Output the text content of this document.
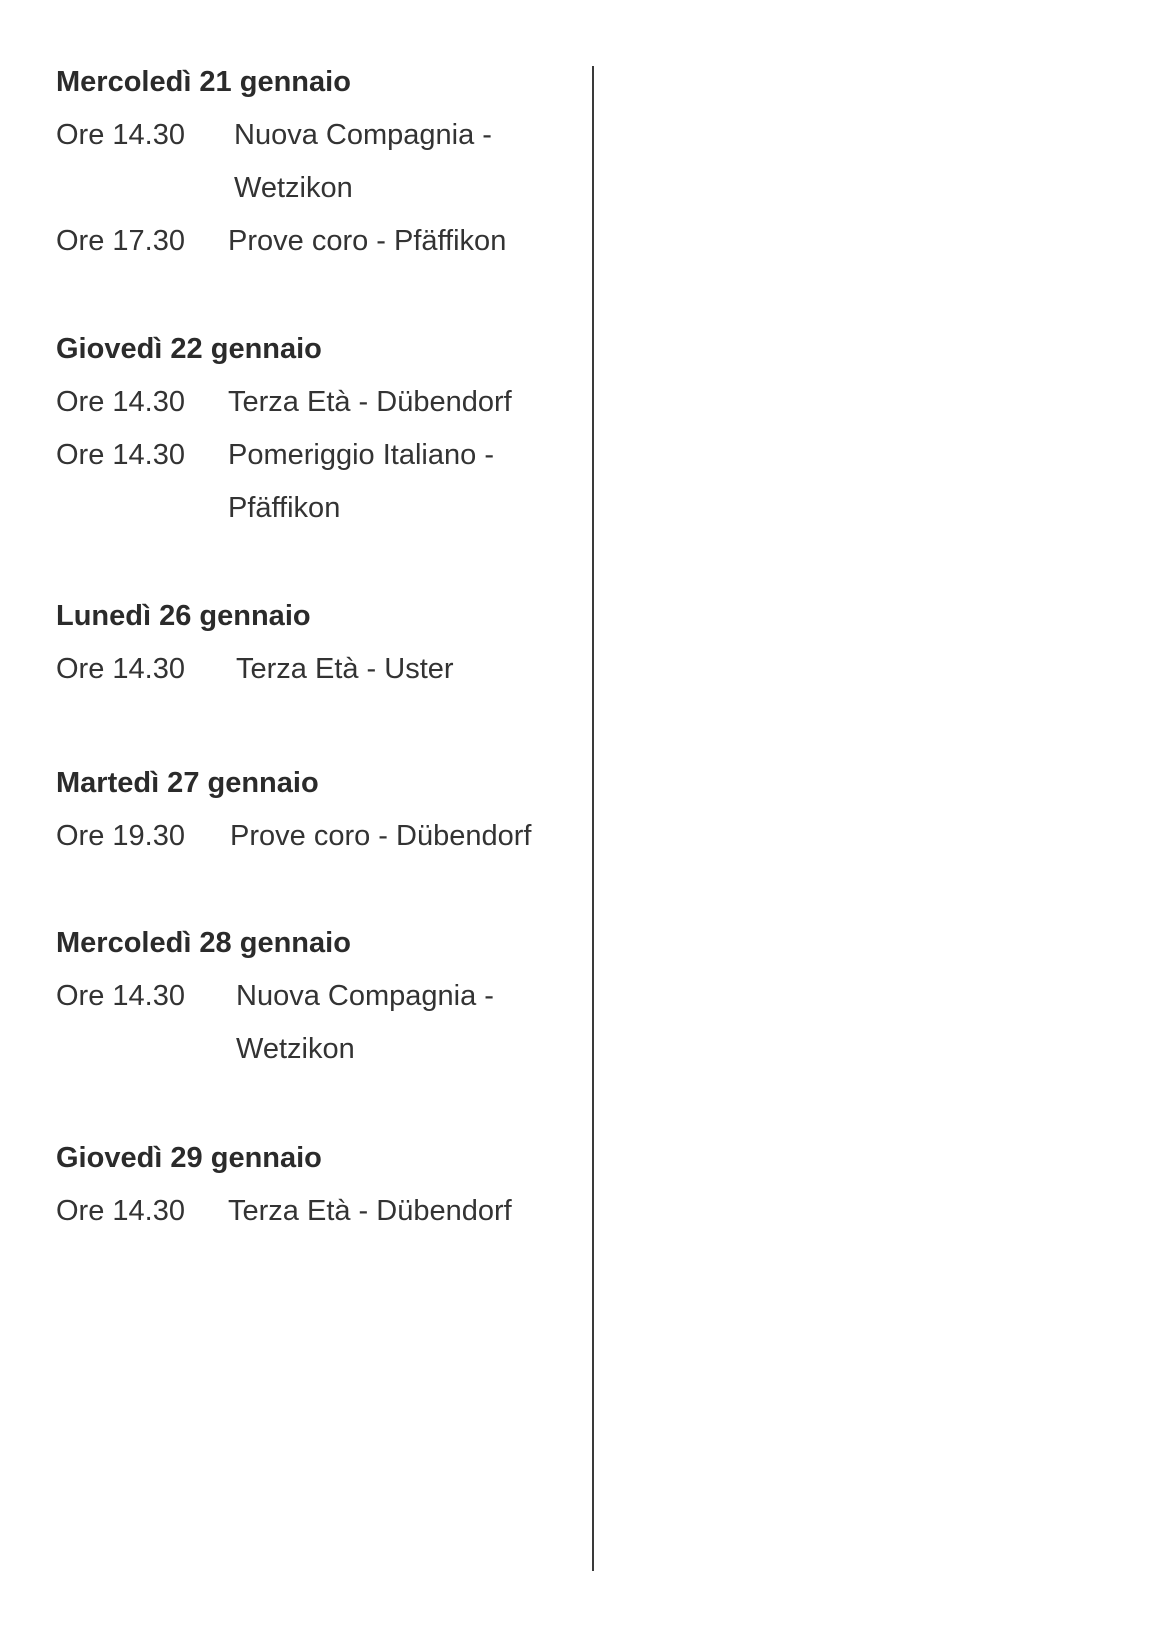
Mercoledì 21 gennaio
Ore 14.30	Nuova Compagnia -
Wetzikon
Ore 17.30	Prove coro - Pfäffikon
Giovedì 22 gennaio
Ore 14.30	Terza Età - Dübendorf
Ore 14.30	Pomeriggio Italiano -
Pfäffikon
Lunedì 26 gennaio
Ore 14.30	Terza Età - Uster
Martedì 27 gennaio
Ore 19.30	Prove coro - Dübendorf
Mercoledì 28 gennaio
Ore 14.30	Nuova Compagnia -
Wetzikon
Giovedì 29 gennaio
Ore 14.30	Terza Età - Dübendorf
